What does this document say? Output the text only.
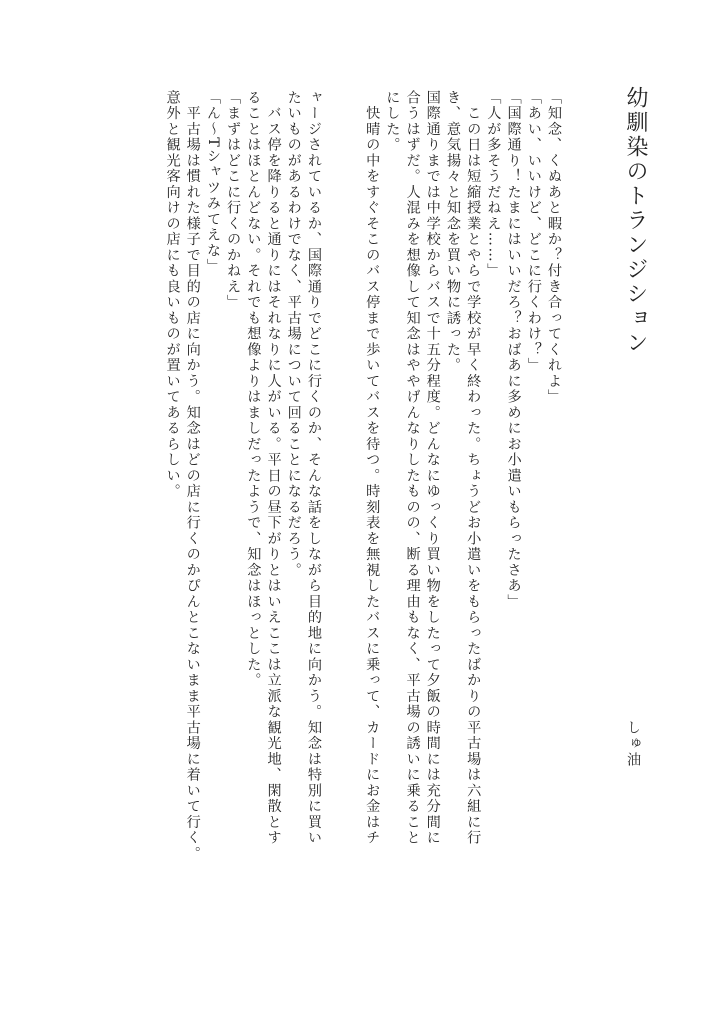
幼馴染のトランジション
しゅ油

「知念、くぬあと暇か？付き合ってくれよ」

「あい、いいけど、どこに行くわけ？」

「国際通り！たまにはいいだろ？おばあに多めにお小遣いもらったさあ」

「人が多そうだねえ……」

　この日は短縮授業とやらで学校が早く終わった。ちょうどお小遣いをもらったばかりの平古場は六組に行

き、意気揚々と知念を買い物に誘った。

国際通りまでは中学校からバスで十五分程度。どんなにゆっくり買い物をしたって夕飯の時間には充分間に

合うはずだ。人混みを想像して知念はややげんなりしたものの、断る理由もなく、平古場の誘いに乗ること

にした。

　快晴の中をすぐそこのバス停まで歩いてバスを待つ。時刻表を無視したバスに乗って、カードにお金はチ

ャージされているか、国際通りでどこに行くのか、そんな話をしながら目的地に向かう。知念は特別に買い

たいものがあるわけでなく、平古場について回ることになるだろう。

　バス停を降りると通りにはそれなりに人がいる。平日の昼下がりとはいえここは立派な観光地、閑散とす

ることはほとんどない。それでも想像よりはましだったようで、知念はほっとした。

「まずはどこに行くのかねえ」

「ん～Tシャツみてえな」

　平古場は慣れた様子で目的の店に向かう。知念はどの店に行くのかぴんとこないまま平古場に着いて行く。

意外と観光客向けの店にも良いものが置いてあるらしい。
